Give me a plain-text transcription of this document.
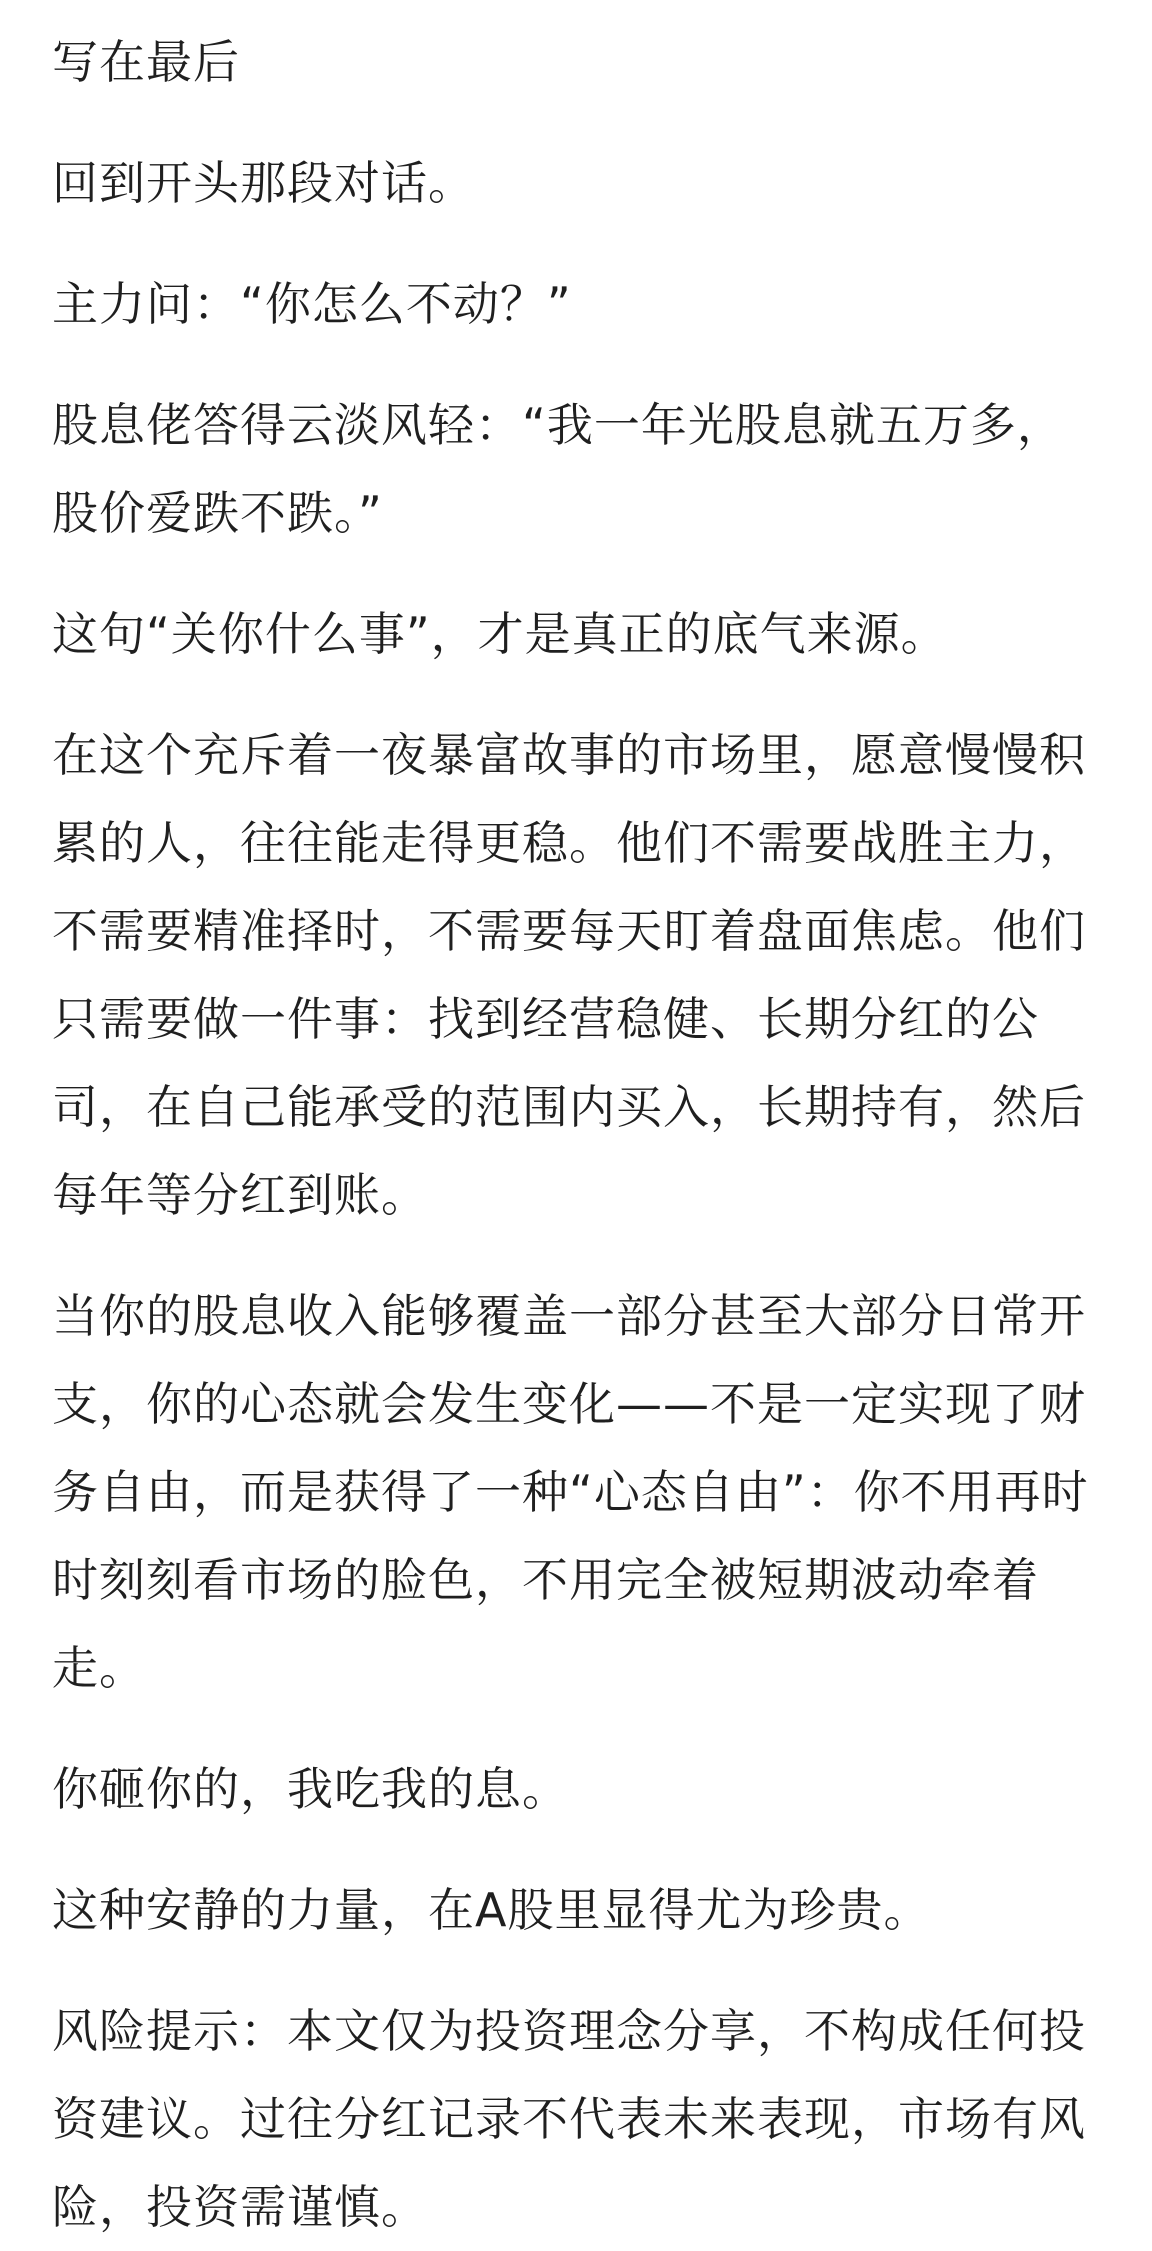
写在最后

回到开头那段对话。

主力问：“你怎么不动？”

股息佬答得云淡风轻：“我一年光股息就五万多，股价爱跌不跌。”

这句“关你什么事”，才是真正的底气来源。

在这个充斥着一夜暴富故事的市场里，愿意慢慢积累的人，往往能走得更稳。他们不需要战胜主力，不需要精准择时，不需要每天盯着盘面焦虑。他们只需要做一件事：找到经营稳健、长期分红的公司，在自己能承受的范围内买入，长期持有，然后每年等分红到账。

当你的股息收入能够覆盖一部分甚至大部分日常开支，你的心态就会发生变化——不是一定实现了财务自由，而是获得了一种“心态自由”：你不用再时时刻刻看市场的脸色，不用完全被短期波动牵着走。

你砸你的，我吃我的息。

这种安静的力量，在A股里显得尤为珍贵。

风险提示：本文仅为投资理念分享，不构成任何投资建议。过往分红记录不代表未来表现，市场有风险，投资需谨慎。
